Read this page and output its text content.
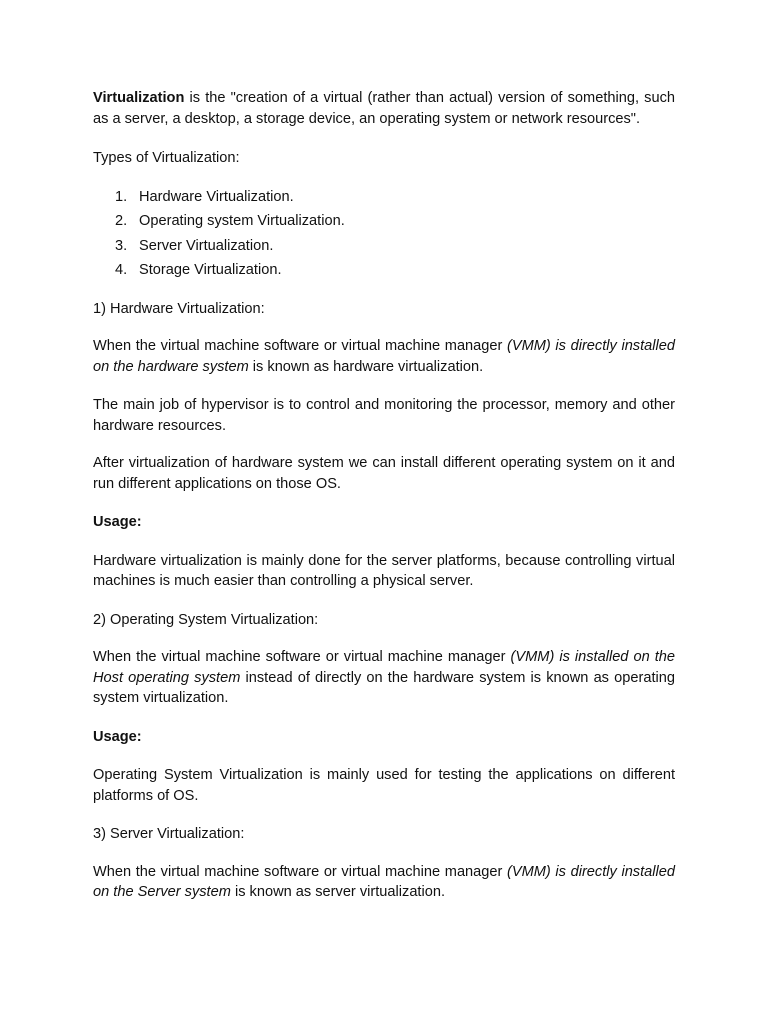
Virtualization is the "creation of a virtual (rather than actual) version of something, such as a server, a desktop, a storage device, an operating system or network resources".

Types of Virtualization:

1. Hardware Virtualization.
2. Operating system Virtualization.
3. Server Virtualization.
4. Storage Virtualization.

1) Hardware Virtualization:

When the virtual machine software or virtual machine manager (VMM) is directly installed on the hardware system is known as hardware virtualization.

The main job of hypervisor is to control and monitoring the processor, memory and other hardware resources.

After virtualization of hardware system we can install different operating system on it and run different applications on those OS.

Usage:

Hardware virtualization is mainly done for the server platforms, because controlling virtual machines is much easier than controlling a physical server.

2) Operating System Virtualization:

When the virtual machine software or virtual machine manager (VMM) is installed on the Host operating system instead of directly on the hardware system is known as operating system virtualization.

Usage:

Operating System Virtualization is mainly used for testing the applications on different platforms of OS.

3) Server Virtualization:

When the virtual machine software or virtual machine manager (VMM) is directly installed on the Server system is known as server virtualization.
